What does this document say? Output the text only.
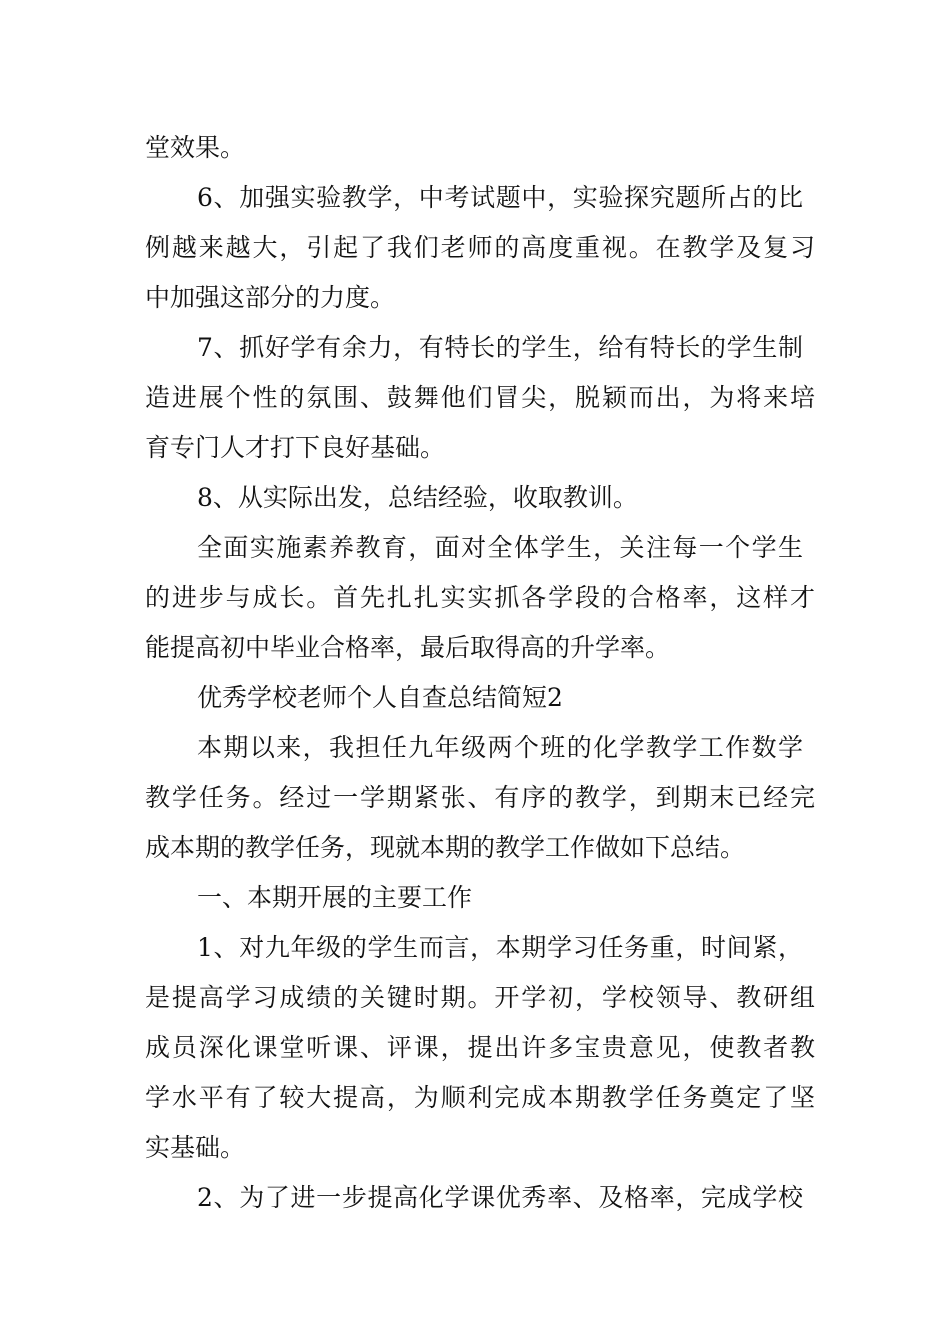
堂效果。
6、加强实验教学，中考试题中，实验探究题所占的比
例越来越大，引起了我们老师的高度重视。在教学及复习
中加强这部分的力度。
7、抓好学有余力，有特长的学生，给有特长的学生制
造进展个性的氛围、鼓舞他们冒尖，脱颖而出，为将来培
育专门人才打下良好基础。
8、从实际出发，总结经验，收取教训。
全面实施素养教育，面对全体学生，关注每一个学生
的进步与成长。首先扎扎实实抓各学段的合格率，这样才
能提高初中毕业合格率，最后取得高的升学率。
优秀学校老师个人自查总结简短2
本期以来，我担任九年级两个班的化学教学工作数学
教学任务。经过一学期紧张、有序的教学，到期末已经完
成本期的教学任务，现就本期的教学工作做如下总结。
一、本期开展的主要工作
1、对九年级的学生而言，本期学习任务重，时间紧，
是提高学习成绩的关键时期。开学初，学校领导、教研组
成员深化课堂听课、评课，提出许多宝贵意见，使教者教
学水平有了较大提高，为顺利完成本期教学任务奠定了坚
实基础。
2、为了进一步提高化学课优秀率、及格率，完成学校
